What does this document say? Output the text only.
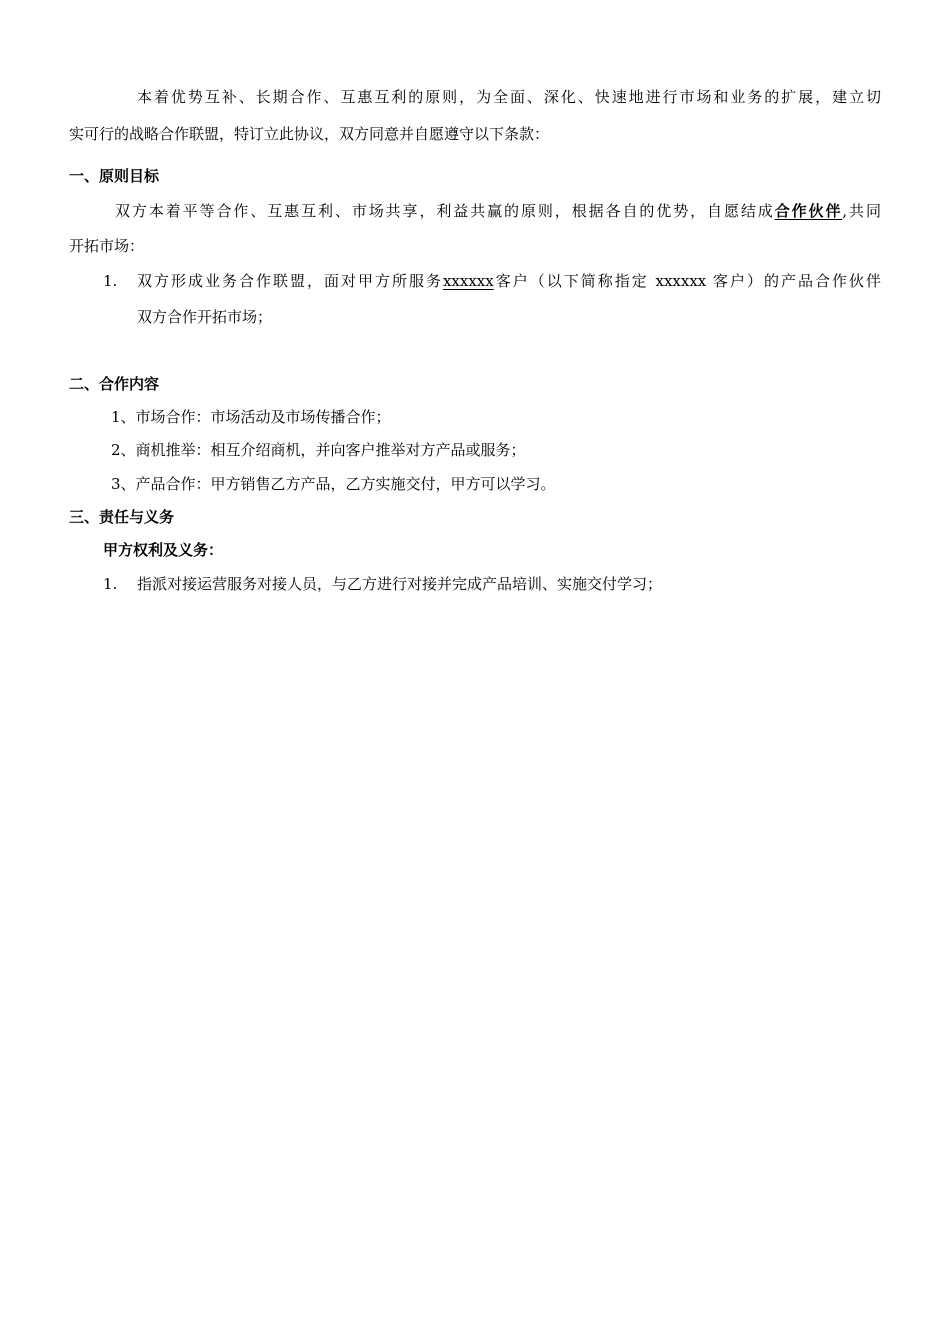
本着优势互补、长期合作、互惠互利的原则，为全面、深化、快速地进行市场和业务的扩展，建立切
实可行的战略合作联盟，特订立此协议，双方同意并自愿遵守以下条款：
一、原则目标
双方本着平等合作、互惠互利、市场共享，利益共赢的原则，根据各自的优势，自愿结成合作伙伴,共同
开拓市场：
1. 双方形成业务合作联盟，面对甲方所服务xxxxxx客户（以下简称指定 xxxxxx 客户）的产品合作伙伴
双方合作开拓市场；
二、合作内容
1、市场合作：市场活动及市场传播合作；
2、商机推举：相互介绍商机，并向客户推举对方产品或服务；
3、产品合作：甲方销售乙方产品，乙方实施交付，甲方可以学习。
三、责任与义务
甲方权利及义务：
1. 指派对接运营服务对接人员，与乙方进行对接并完成产品培训、实施交付学习；
